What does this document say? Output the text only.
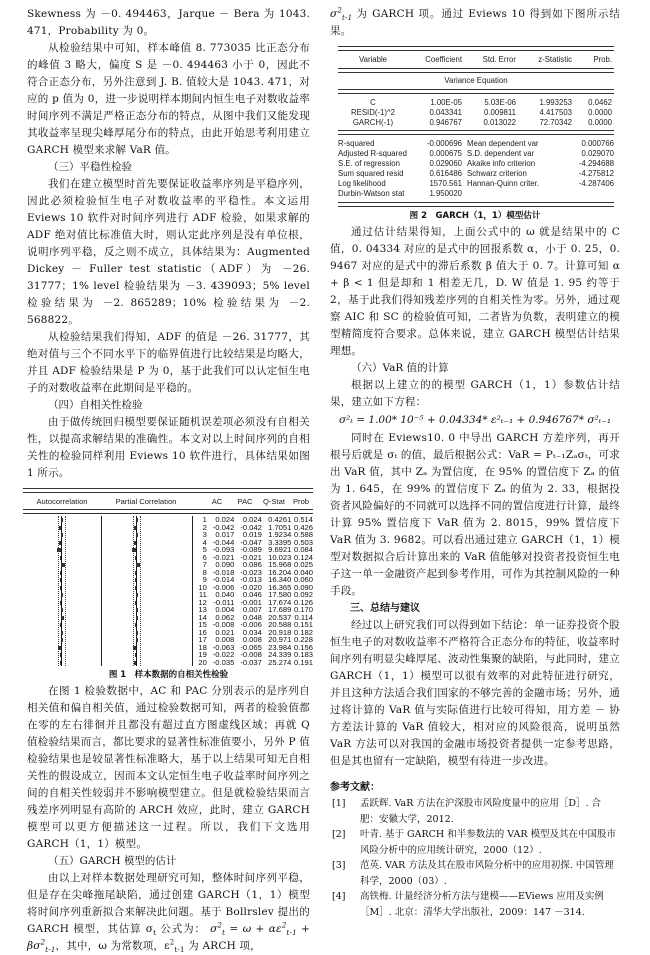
Skewness 为 －0. 494463，Jarque － Bera 为 1043. 471，Probability 为 0。

从检验结果中可知，样本峰值 8. 773035 比正态分布的峰值 3 略大，偏度 S 是 －0. 494463 小于 0，因此不符合正态分布，另外注意到 J. B. 值较大是 1043. 471，对应的 p 值为 0，进一步说明样本期间内恒生电子对数收益率时间序列不满足严格正态分布的特点，从图中我们又能发现其收益率呈现尖峰厚尾分布的特点，由此开始思考利用建立 GARCH 模型来求解 VaR 值。

（三）平稳性检验

我们在建立模型时首先要保证收益率序列是平稳序列，因此必须检验恒生电子对数收益率的平稳性。本文运用 Eviews 10 软件对时间序列进行 ADF 检验，如果求解的 ADF 绝对值比标准值大时，则认定此序列是没有单位根，说明序列平稳，反之则不成立，具体结果为：Augmented Dickey － Fuller test statistic（ADF）为 －26. 31777；1% level 检验结果为 －3. 439093；5% level 检验结果为 －2. 865289；10% 检验结果为 －2. 568822。

从检验结果我们得知，ADF 的值是 －26. 31777，其绝对值与三个不同水平下的临界值进行比较结果是均略大，并且 ADF 检验结果是 P 为 0，基于此我们可以认定恒生电子的对数收益率在此期间是平稳的。

（四）自相关性检验

由于做传统回归模型要保证随机误差项必须没有自相关性，以提高求解结果的准确性。本文对以上时间序列的自相关性的检验同样利用 Eviews 10 软件进行，具体结果如图 1 所示。

Autocorrelation	Partial Correlation	AC	PAC	Q-Stat	Prob
1	0.024	0.024 0.4261 0.514
2 -0.042 -0.042 1.7051 0.426
3	0.017	0.019 1.9234 0.588
4 -0.044 -0.047 3.3395 0.503
5 -0.093 -0.089 9.6921 0.084
6 -0.021 -0.021 10.023 0.124
7	0.090	0.086 15.968 0.025
8 -0.018 -0.023 16.204 0.040
9 -0.014 -0.013 16.340 0.060
10 -0.006 -0.020 16.365 0.090
11	0.040	0.046 17.580 0.092
12 -0.011 -0.001 17.674 0.126
13	0.004	0.007 17.689 0.170
14	0.062	0.048 20.537 0.114
15 -0.008 -0.006 20.588 0.151
16	0.021	0.034 20.918 0.182
17	0.008	0.008 20.971 0.228
18 -0.063 -0.065 23.984 0.156
19 -0.022 -0.008 24.339 0.183
20 -0.035 -0.037 25.274 0.191
图 1　样本数据的自相关性检验

在图 1 检验数据中，AC 和 PAC 分别表示的是序列自相关值和偏自相关值，通过检验数据可知，两者的检验值都在零的左右徘徊并且都没有超过直方图虚线区域；再就 Q 值检验结果而言，都比要求的显著性标准值要小，另外 P 值检验结果也是较显著性标准略大，基于以上结果可知无自相关性的假设成立，因而本文认定恒生电子收益率时间序列之间的自相关性较弱并不影响模型建立。但是就检验结果而言残差序列明显有高阶的 ARCH 效应，此时，建立 GARCH 模型可以更方便描述这一过程。所以，我们下文选用 GARCH（1，1）模型。

（五）GARCH 模型的估计

由以上对样本数据处理研究可知，整体时间序列平稳，但是存在尖峰拖尾缺陷，通过创建 GARCH（1，1）模型将时间序列重新拟合来解决此问题。基于 Bollrslev 提出的 GARCH 模型，其估算 $\sigma_t$ 公式为： $\sigma^2_t = \omega + \alpha\varepsilon^2_{t-1} + \beta\sigma^2_{t-1}$，其中，ω 为常数项，$\varepsilon^2_{t-1}$ 为 ARCH 项，

$\sigma^2_{t-1}$ 为 GARCH 项。通过 Eviews 10 得到如下图所示结果。

Variable	Coefficient	Std. Error	z-Statistic	Prob.
Variance Equation
C	1.00E-05	5.03E-06	1.993253	0.0462
RESID(-1)^2	0.043341	0.009811	4.417503	0.0000
GARCH(-1)	0.946767	0.013022	72.70342	0.0000
R-squared	-0.000696 Mean dependent var	0.000766
Adjusted R-squared	0.000675 S.D. dependent var	0.029070
S.E. of regression	0.029060 Akaike info criterion	-4.294688
Sum squared resid	0.616486 Schwarz criterion	-4.275812
Log likelihood	1570.561 Hannan-Quinn criter.	-4.287406
Durbin-Watson stat	1.950020
图 2　GARCH（1，1）模型估计

通过估计结果得知，上面公式中的 ω 就是结果中的 C 值，0. 04334 对应的是式中的回报系数 α，小于 0. 25，0. 9467 对应的是式中的滞后系数 β 值大于 0. 7。计算可知 α + β < 1 但是却和 1 相差无几，D. W 值是 1. 95 约等于 2，基于此我们得知残差序列的自相关性为零。另外，通过观察 AIC 和 SC 的检验值可知，二者皆为负数，表明建立的模型精简度符合要求。总体来说，建立 GARCH 模型估计结果理想。

（六）VaR 值的计算

根据以上建立的的模型 GARCH（1，1）参数估计结果，建立如下方程：

σ²ₜ = 1.00* 10⁻⁵ + 0.04334* ε²ₜ₋₁ + 0.946767* σ²ₜ₋₁

同时在 Eviews10. 0 中导出 GARCH 方差序列，再开根号后就是 σₜ 的值，最后根据公式：VaR = Pₜ₋₁Zₐσₜ，可求出 VaR 值，其中 Zₐ 为置信度，在 95% 的置信度下 Zₐ 的值为 1. 645，在 99% 的置信度下 Zₐ 的值为 2. 33，根据投资者风险偏好的不同就可以选择不同的置信度进行计算，最终计算 95% 置信度下 VaR 值为 2. 8015，99% 置信度下 VaR 值为 3. 9682。可以看出通过建立 GARCH（1，1）模型对数据拟合后计算出来的 VaR 值能够对投资者投资恒生电子这一单一金融资产起到参考作用，可作为其控制风险的一种手段。

三、总结与建议

经过以上研究我们可以得到如下结论：单一证券投资个股恒生电子的对数收益率不严格符合正态分布的特征，收益率时间序列有明显尖峰厚尾、波动性集聚的缺陷，与此同时，建立 GARCH（1，1）模型可以很有效率的对此特征进行研究，并且这种方法适合我们国家的不够完善的金融市场；另外，通过将计算的 VaR 值与实际值进行比较可得知，用方差 － 协方差法计算的 VaR 值较大，相对应的风险很高，说明虽然 VaR 方法可以对我国的金融市场投资者提供一定参考思路，但是其也留有一定缺陷，模型有待进一步改进。

参考文献：
[1]	孟跃辉. VaR 方法在沪深股市风险度量中的应用［D］. 合肥：安徽大学，2012.
[2]	叶青. 基于 GARCH 和半参数法的 VAR 模型及其在中国股市风险分析中的应用统计研究，2000（12）.
[3]	范英. VAR 方法及其在股市风险分析中的应用初探. 中国管理科学，2000（03）.
[4]	高铁梅. 计量经济分析方法与建模——EViews 应用及实例［M］. 北京：清华大学出版社，2009：147 －314.
